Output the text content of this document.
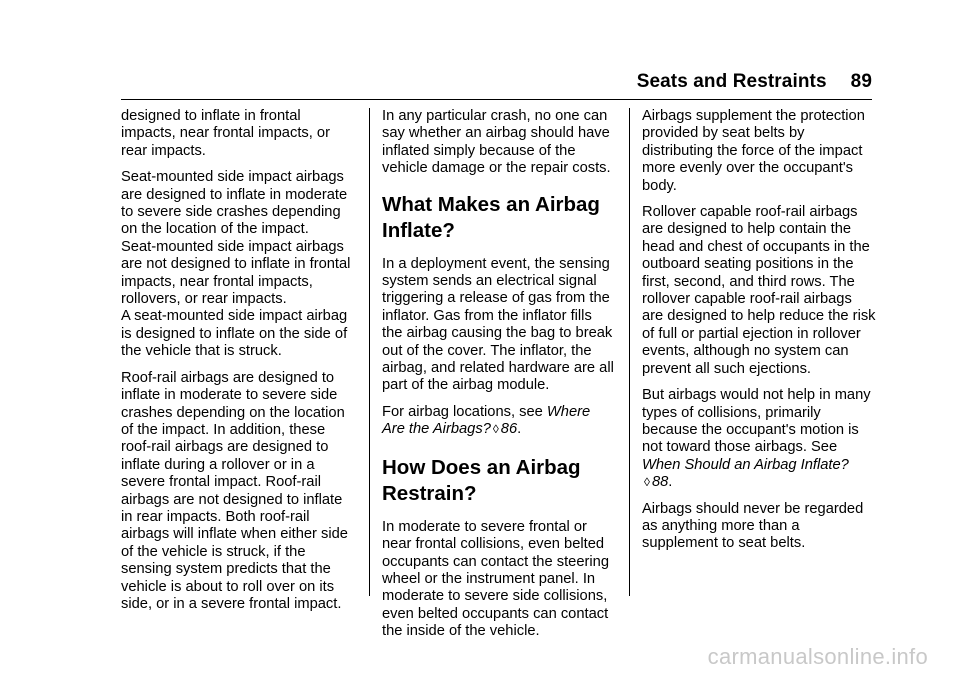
Seats and Restraints 89

designed to inflate in frontal impacts, near frontal impacts, or rear impacts.

Seat-mounted side impact airbags are designed to inflate in moderate to severe side crashes depending on the location of the impact.
Seat-mounted side impact airbags are not designed to inflate in frontal impacts, near frontal impacts, rollovers, or rear impacts.
A seat-mounted side impact airbag is designed to inflate on the side of the vehicle that is struck.

Roof-rail airbags are designed to inflate in moderate to severe side crashes depending on the location of the impact. In addition, these roof-rail airbags are designed to inflate during a rollover or in a severe frontal impact. Roof-rail airbags are not designed to inflate in rear impacts. Both roof-rail airbags will inflate when either side of the vehicle is struck, if the sensing system predicts that the vehicle is about to roll over on its side, or in a severe frontal impact.

In any particular crash, no one can say whether an airbag should have inflated simply because of the vehicle damage or the repair costs.

What Makes an Airbag Inflate?

In a deployment event, the sensing system sends an electrical signal triggering a release of gas from the inflator. Gas from the inflator fills the airbag causing the bag to break out of the cover. The inflator, the airbag, and related hardware are all part of the airbag module.

For airbag locations, see Where Are the Airbags? ◊ 86.

How Does an Airbag Restrain?

In moderate to severe frontal or near frontal collisions, even belted occupants can contact the steering wheel or the instrument panel. In moderate to severe side collisions, even belted occupants can contact the inside of the vehicle.

Airbags supplement the protection provided by seat belts by distributing the force of the impact more evenly over the occupant's body.

Rollover capable roof-rail airbags are designed to help contain the head and chest of occupants in the outboard seating positions in the first, second, and third rows. The rollover capable roof-rail airbags are designed to help reduce the risk of full or partial ejection in rollover events, although no system can prevent all such ejections.

But airbags would not help in many types of collisions, primarily because the occupant's motion is not toward those airbags. See When Should an Airbag Inflate?◊ 88.

Airbags should never be regarded as anything more than a supplement to seat belts.

carmanualsonline.info
